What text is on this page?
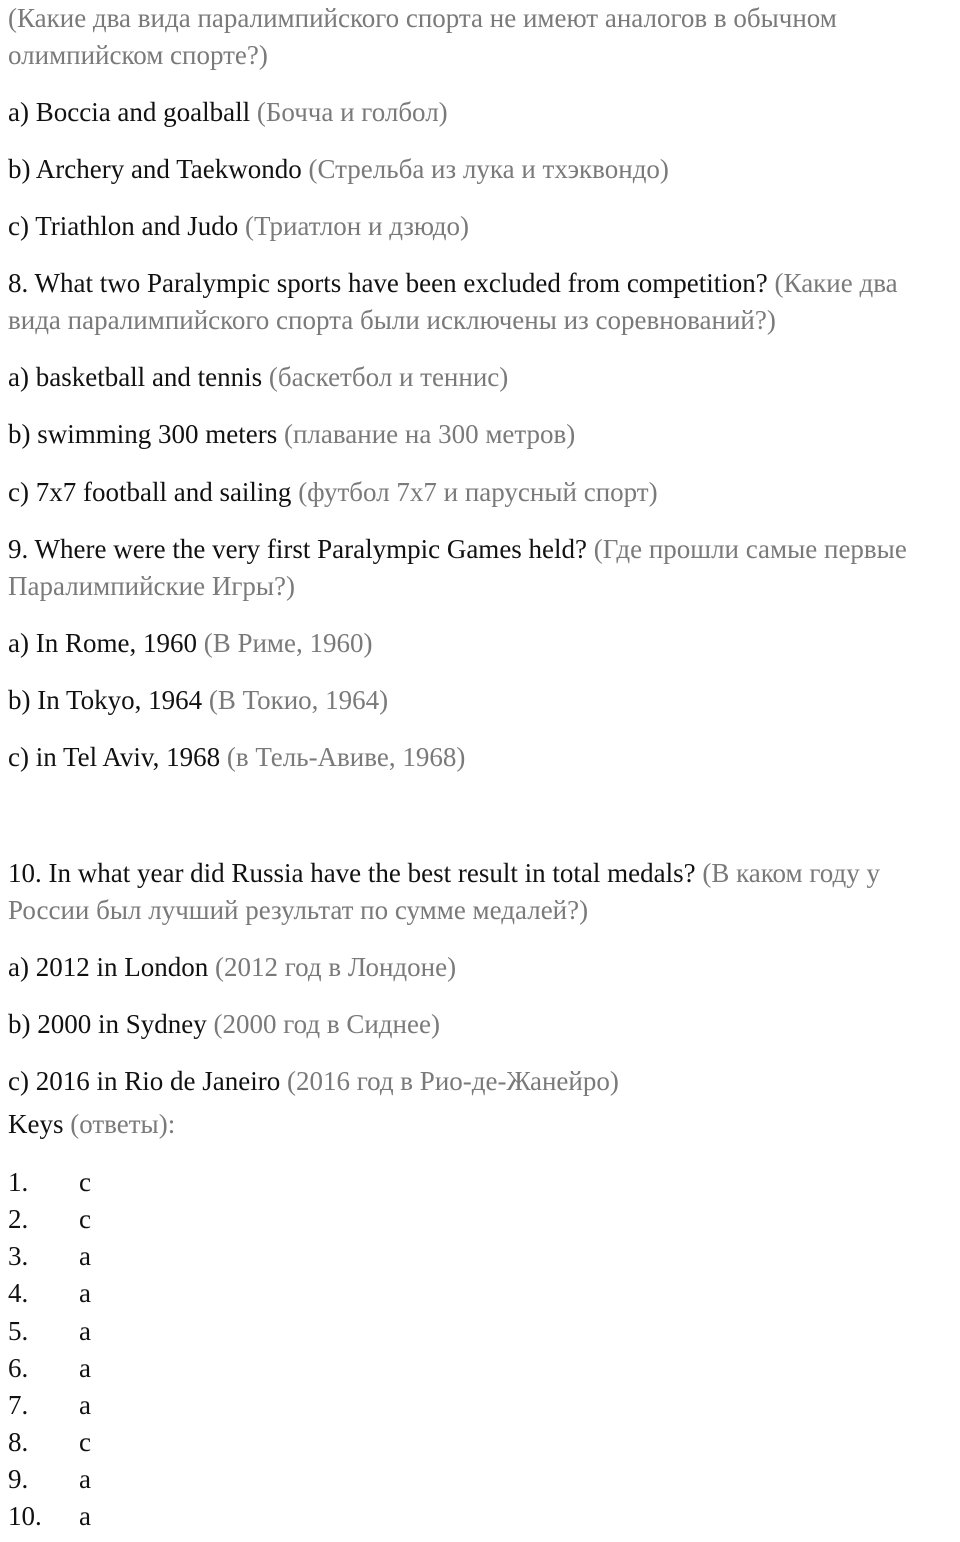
(Какие два вида паралимпийского спорта не имеют аналогов в обычном
олимпийском спорте?)
a) Boccia and goalball (Бочча и голбол)
b) Archery and Taekwondo (Стрельба из лука и тхэквондо)
c) Triathlon and Judo (Триатлон и дзюдо)
8. What two Paralympic sports have been excluded from competition? (Какие два
вида паралимпийского спорта были исключены из соревнований?)
a) basketball and tennis (баскетбол и теннис)
b) swimming 300 meters (плавание на 300 метров)
c) 7x7 football and sailing (футбол 7х7 и парусный спорт)
9. Where were the very first Paralympic Games held? (Где прошли самые первые
Паралимпийские Игры?)
a) In Rome, 1960 (В Риме, 1960)
b) In Tokyo, 1964 (В Токио, 1964)
c) in Tel Aviv, 1968 (в Тель-Авиве, 1968)
10. In what year did Russia have the best result in total medals? (В каком году у
России был лучший результат по сумме медалей?)
a) 2012 in London (2012 год в Лондоне)
b) 2000 in Sydney (2000 год в Сиднее)
c) 2016 in Rio de Janeiro (2016 год в Рио-де-Жанейро)
Keys (ответы):
1. c
2. c
3. a
4. a
5. a
6. a
7. a
8. c
9. a
10. a
